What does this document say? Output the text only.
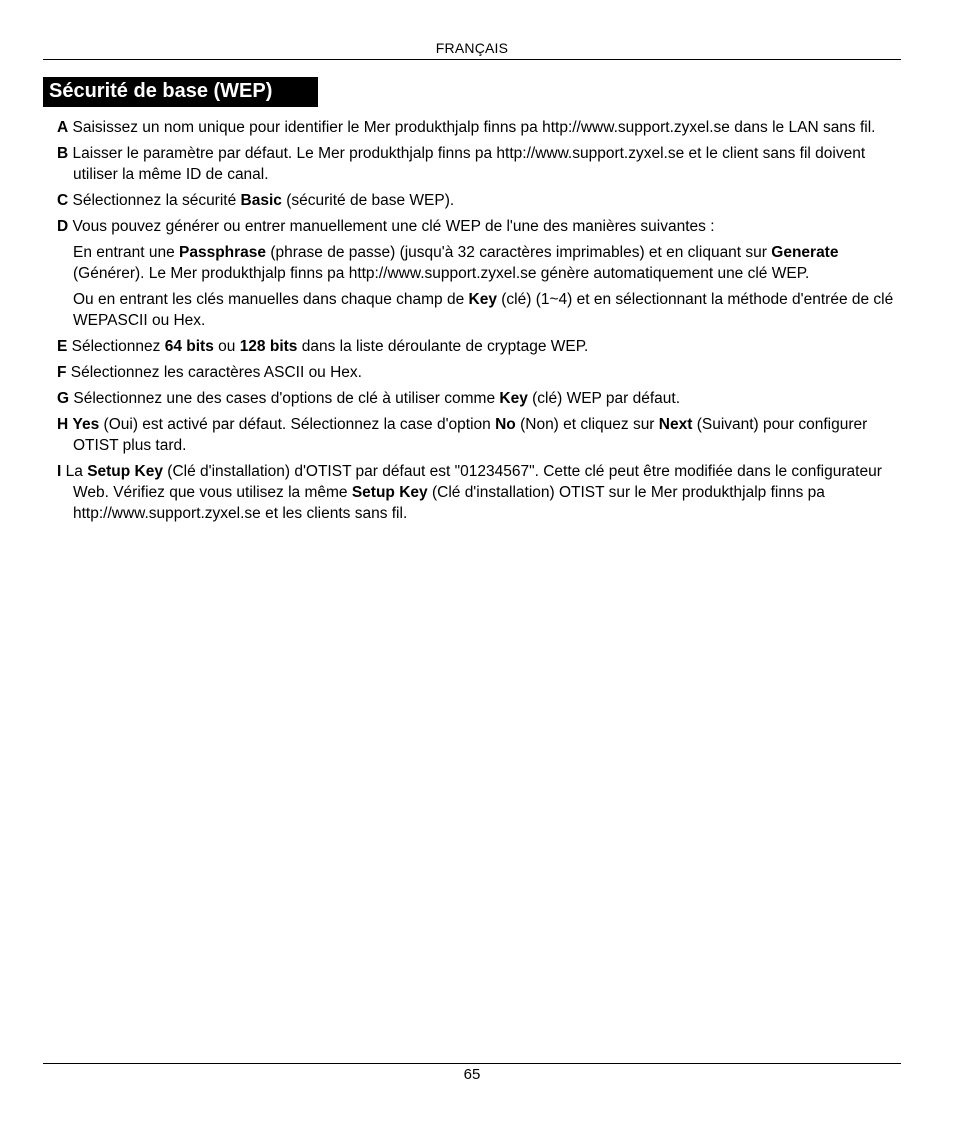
FRANÇAIS
Sécurité de base (WEP)
A Saisissez un nom unique pour identifier le Mer produkthjalp finns pa http://www.support.zyxel.se dans le LAN sans fil.
B Laisser le paramètre par défaut. Le Mer produkthjalp finns pa http://www.support.zyxel.se et le client sans fil doivent utiliser la même ID de canal.
C Sélectionnez la sécurité Basic (sécurité de base WEP).
D Vous pouvez générer ou entrer manuellement une clé WEP de l'une des manières suivantes :
En entrant une Passphrase (phrase de passe) (jusqu'à 32 caractères imprimables) et en cliquant sur Generate (Générer). Le Mer produkthjalp finns pa http://www.support.zyxel.se génère automatiquement une clé WEP.
Ou en entrant les clés manuelles dans chaque champ de Key (clé) (1~4) et en sélectionnant la méthode d'entrée de clé WEPASCII ou Hex.
E Sélectionnez 64 bits ou 128 bits dans la liste déroulante de cryptage WEP.
F Sélectionnez les caractères ASCII ou Hex.
G Sélectionnez une des cases d'options de clé à utiliser comme Key (clé) WEP par défaut.
H Yes (Oui) est activé par défaut. Sélectionnez la case d'option No (Non) et cliquez sur Next (Suivant) pour configurer OTIST plus tard.
I La Setup Key (Clé d'installation) d'OTIST par défaut est "01234567". Cette clé peut être modifiée dans le configurateur Web. Vérifiez que vous utilisez la même Setup Key (Clé d'installation) OTIST sur le Mer produkthjalp finns pa http://www.support.zyxel.se et les clients sans fil.
65
